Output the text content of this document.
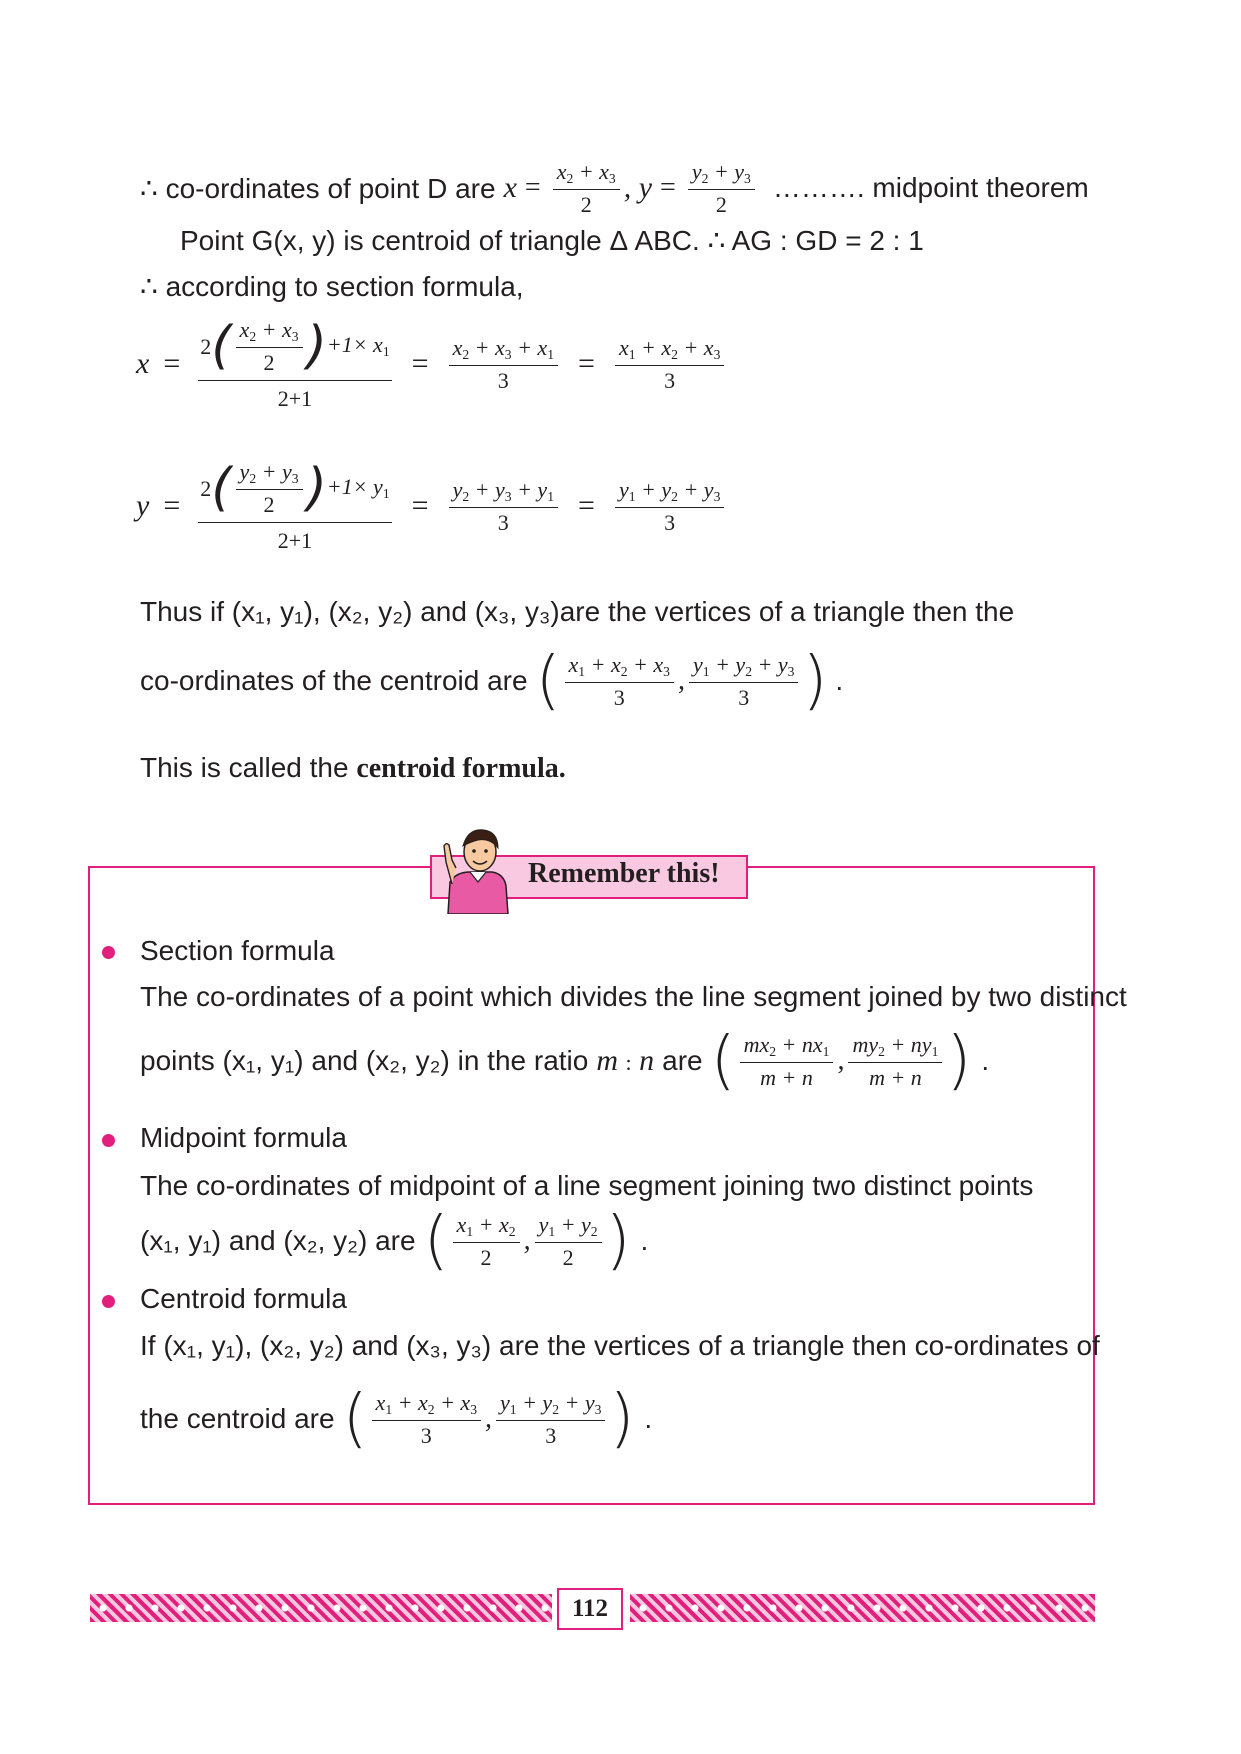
∴ co-ordinates of point D are $x = \frac{x_2 + x_3}{2}$ , $y = \frac{y_2 + y_3}{2}$ ………. midpoint theorem
Point G(x, y) is centroid of triangle Δ ABC. ∴ AG : GD = 2 : 1
∴ according to section formula,
$x = \frac{2 ( \frac{x_2 + x_3}{2} ) +1\times x_1}{2+1} = \frac{x_2 + x_3 + x_1}{3} = \frac{x_1 + x_2 + x_3}{3}$
$y = \frac{2 ( \frac{y_2 + y_3}{2} ) +1\times y_1}{2+1} = \frac{y_2 + y_3 + y_1}{3} = \frac{y_1 + y_2 + y_3}{3}$
Thus if (x₁, y₁), (x₂, y₂) and (x₃, y₃)are the vertices of a triangle then the
co-ordinates of the centroid are ( $\frac{x_1 + x_2 + x_3}{3}$ , $\frac{y_1 + y_2 + y_3}{3}$ ) .
This is called the centroid formula.
Remember this!
Section formula
The co-ordinates of a point which divides the line segment joined by two distinct
points (x₁, y₁) and (x₂, y₂) in the ratio m : n are ( $\frac{mx_2 + nx_1}{m + n}$ , $\frac{my_2 + ny_1}{m + n}$ ) .
Midpoint formula
The co-ordinates of midpoint of a line segment joining two distinct points
(x₁, y₁) and (x₂, y₂) are ( $\frac{x_1 + x_2}{2}$ , $\frac{y_1 + y_2}{2}$ ) .
Centroid formula
If (x₁, y₁), (x₂, y₂) and (x₃, y₃) are the vertices of a triangle then co-ordinates of
the centroid are ( $\frac{x_1 + x_2 + x_3}{3}$ , $\frac{y_1 + y_2 + y_3}{3}$ ) .
112
